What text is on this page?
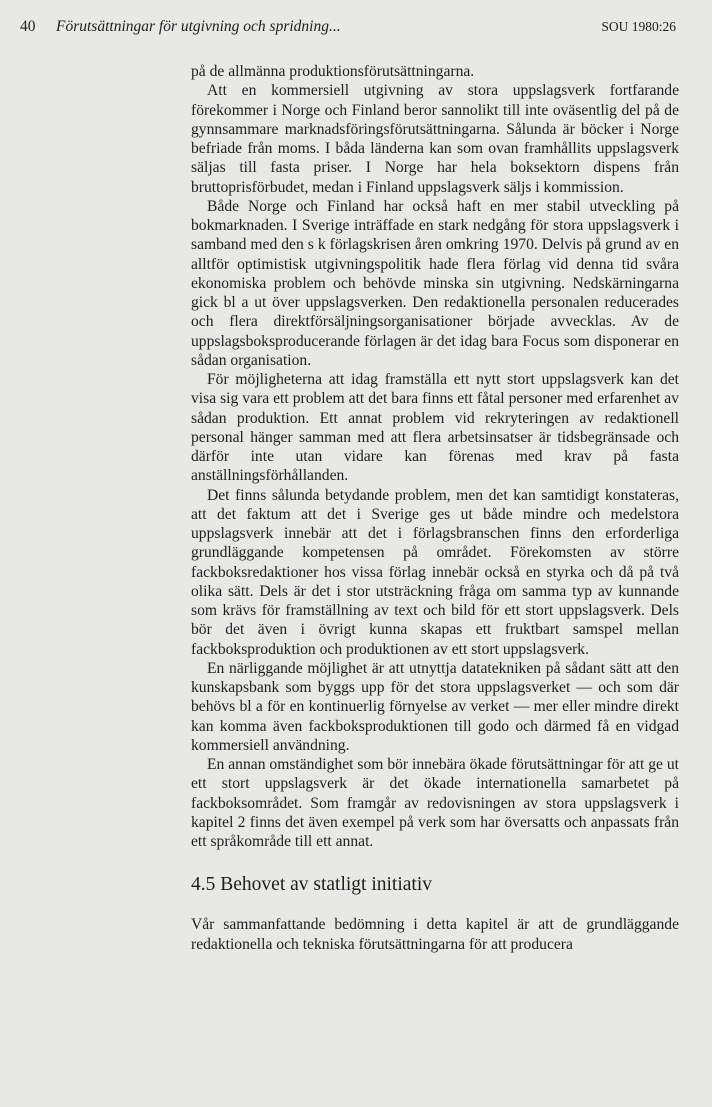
40 Förutsättningar för utgivning och spridning...	SOU 1980:26

på de allmänna produktionsförutsättningarna.

Att en kommersiell utgivning av stora uppslagsverk fortfarande förekommer i Norge och Finland beror sannolikt till inte oväsentlig del på de gynnsammare marknadsföringsförutsättningarna. Sålunda är böcker i Norge befriade från moms. I båda länderna kan som ovan framhållits uppslagsverk säljas till fasta priser. I Norge har hela boksektorn dispens från bruttoprisförbudet, medan i Finland uppslagsverk säljs i kommission.

Både Norge och Finland har också haft en mer stabil utveckling på bokmarknaden. I Sverige inträffade en stark nedgång för stora uppslagsverk i samband med den s k förlagskrisen åren omkring 1970. Delvis på grund av en alltför optimistisk utgivningspolitik hade flera förlag vid denna tid svåra ekonomiska problem och behövde minska sin utgivning. Nedskärningarna gick bl a ut över uppslagsverken. Den redaktionella personalen reducerades och flera direktförsäljningsorganisationer började avvecklas. Av de uppslagsboksproducerande förlagen är det idag bara Focus som disponerar en sådan organisation.

För möjligheterna att idag framställa ett nytt stort uppslagsverk kan det visa sig vara ett problem att det bara finns ett fåtal personer med erfarenhet av sådan produktion. Ett annat problem vid rekryteringen av redaktionell personal hänger samman med att flera arbetsinsatser är tidsbegränsade och därför inte utan vidare kan förenas med krav på fasta anställningsförhållanden.

Det finns sålunda betydande problem, men det kan samtidigt konstateras, att det faktum att det i Sverige ges ut både mindre och medelstora uppslagsverk innebär att det i förlagsbranschen finns den erforderliga grundläggande kompetensen på området. Förekomsten av större fackboksredaktioner hos vissa förlag innebär också en styrka och då på två olika sätt. Dels är det i stor utsträckning fråga om samma typ av kunnande som krävs för framställning av text och bild för ett stort uppslagsverk. Dels bör det även i övrigt kunna skapas ett fruktbart samspel mellan fackboksproduktion och produktionen av ett stort uppslagsverk.

En närliggande möjlighet är att utnyttja datatekniken på sådant sätt att den kunskapsbank som byggs upp för det stora uppslagsverket — och som där behövs bl a för en kontinuerlig förnyelse av verket — mer eller mindre direkt kan komma även fackboksproduktionen till godo och därmed få en vidgad kommersiell användning.

En annan omständighet som bör innebära ökade förutsättningar för att ge ut ett stort uppslagsverk är det ökade internationella samarbetet på fackboksområdet. Som framgår av redovisningen av stora uppslagsverk i kapitel 2 finns det även exempel på verk som har översatts och anpassats från ett språkområde till ett annat.

4.5 Behovet av statligt initiativ

Vår sammanfattande bedömning i detta kapitel är att de grundläggande redaktionella och tekniska förutsättningarna för att producera
